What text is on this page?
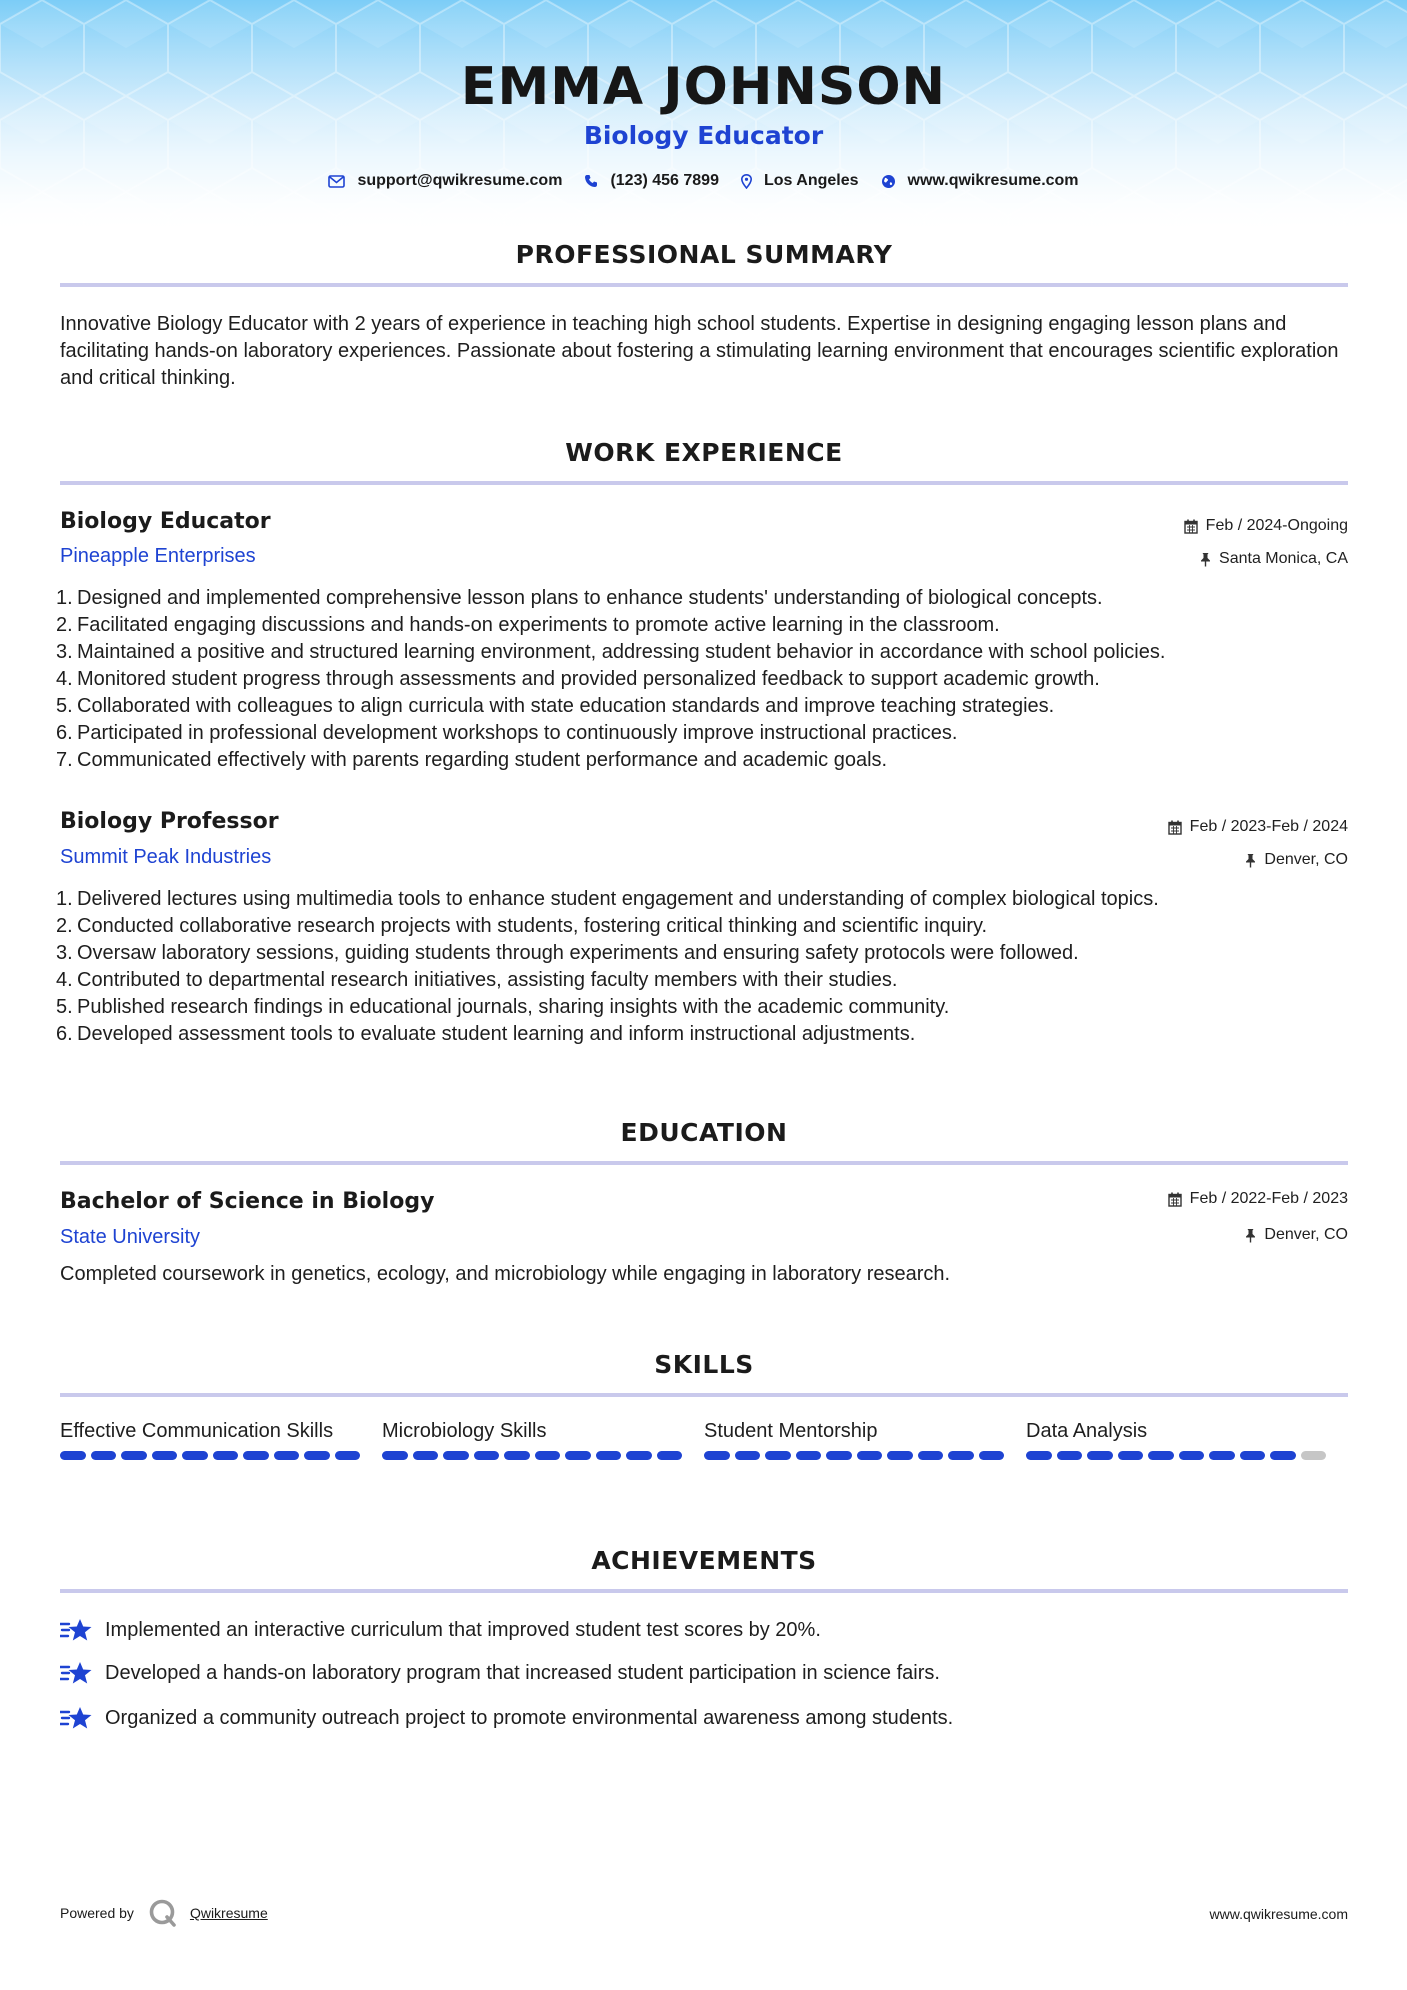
EMMA JOHNSON
Biology Educator
support@qwikresume.com	(123) 456 7899	Los Angeles	www.qwikresume.com
PROFESSIONAL SUMMARY
Innovative Biology Educator with 2 years of experience in teaching high school students. Expertise in designing engaging lesson plans and facilitating hands-on laboratory experiences. Passionate about fostering a stimulating learning environment that encourages scientific exploration and critical thinking.
WORK EXPERIENCE
Biology Educator	Feb / 2024-Ongoing
Pineapple Enterprises	Santa Monica, CA
1. Designed and implemented comprehensive lesson plans to enhance students' understanding of biological concepts.
2. Facilitated engaging discussions and hands-on experiments to promote active learning in the classroom.
3. Maintained a positive and structured learning environment, addressing student behavior in accordance with school policies.
4. Monitored student progress through assessments and provided personalized feedback to support academic growth.
5. Collaborated with colleagues to align curricula with state education standards and improve teaching strategies.
6. Participated in professional development workshops to continuously improve instructional practices.
7. Communicated effectively with parents regarding student performance and academic goals.
Biology Professor	Feb / 2023-Feb / 2024
Summit Peak Industries	Denver, CO
1. Delivered lectures using multimedia tools to enhance student engagement and understanding of complex biological topics.
2. Conducted collaborative research projects with students, fostering critical thinking and scientific inquiry.
3. Oversaw laboratory sessions, guiding students through experiments and ensuring safety protocols were followed.
4. Contributed to departmental research initiatives, assisting faculty members with their studies.
5. Published research findings in educational journals, sharing insights with the academic community.
6. Developed assessment tools to evaluate student learning and inform instructional adjustments.
EDUCATION
Bachelor of Science in Biology	Feb / 2022-Feb / 2023
State University	Denver, CO
Completed coursework in genetics, ecology, and microbiology while engaging in laboratory research.
SKILLS
Effective Communication Skills	Microbiology Skills	Student Mentorship	Data Analysis
ACHIEVEMENTS
Implemented an interactive curriculum that improved student test scores by 20%.
Developed a hands-on laboratory program that increased student participation in science fairs.
Organized a community outreach project to promote environmental awareness among students.
Powered by	Qwikresume	www.qwikresume.com
